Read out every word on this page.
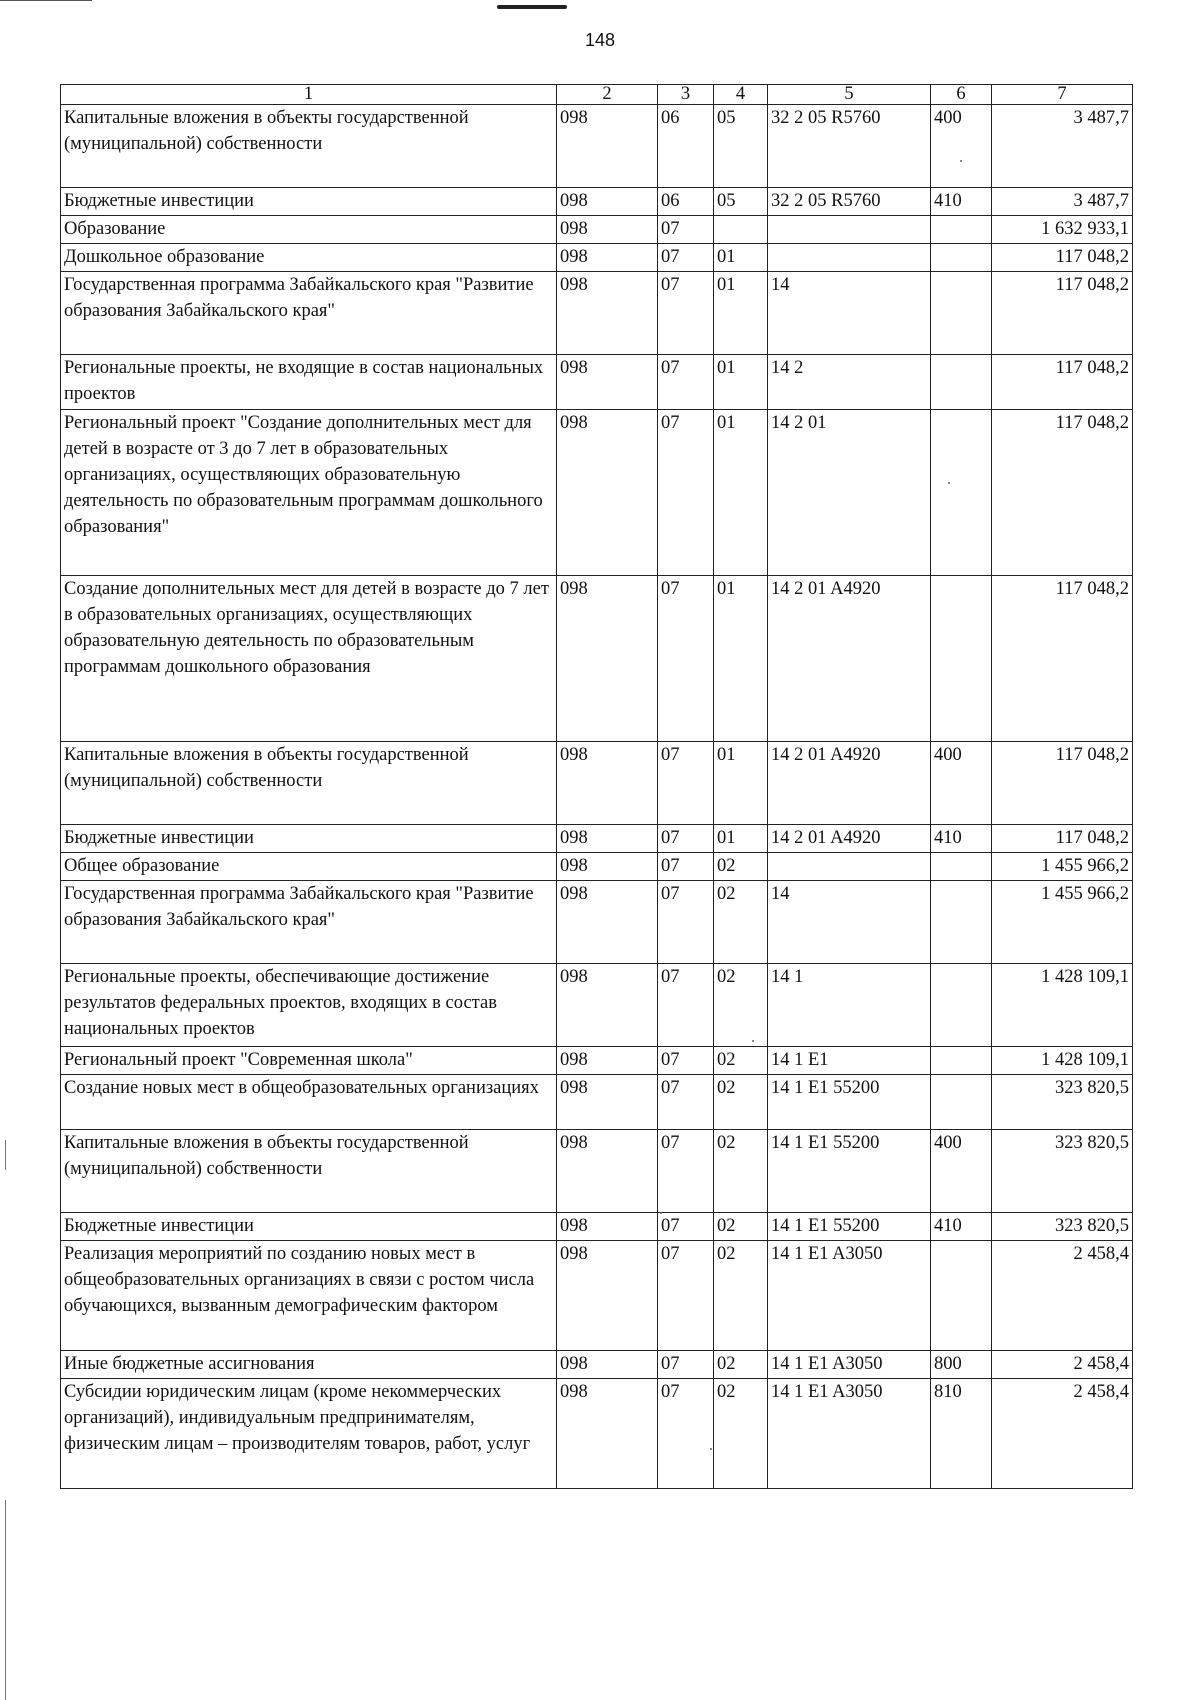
148
1	2	3	4	5	6	7
Капитальные вложения в объекты государственной (муниципальной) собственности	098	06	05	32 2 05 R5760	400	3 487,7
Бюджетные инвестиции	098	06	05	32 2 05 R5760	410	3 487,7
Образование	098	07				1 632 933,1
Дошкольное образование	098	07	01			117 048,2
Государственная программа Забайкальского края "Развитие образования Забайкальского края"	098	07	01	14		117 048,2
Региональные проекты, не входящие в состав национальных проектов	098	07	01	14 2		117 048,2
Региональный проект "Создание дополнительных мест для детей в возрасте от 3 до 7 лет в образовательных организациях, осуществляющих образовательную деятельность по образовательным программам дошкольного образования"	098	07	01	14 2 01		117 048,2
Создание дополнительных мест для детей в возрасте до 7 лет в образовательных организациях, осуществляющих образовательную деятельность по образовательным программам дошкольного образования	098	07	01	14 2 01 A4920		117 048,2
Капитальные вложения в объекты государственной (муниципальной) собственности	098	07	01	14 2 01 A4920	400	117 048,2
Бюджетные инвестиции	098	07	01	14 2 01 A4920	410	117 048,2
Общее образование	098	07	02			1 455 966,2
Государственная программа Забайкальского края "Развитие образования Забайкальского края"	098	07	02	14		1 455 966,2
Региональные проекты, обеспечивающие достижение результатов федеральных проектов, входящих в состав национальных проектов	098	07	02	14 1		1 428 109,1
Региональный проект "Современная школа"	098	07	02	14 1 E1		1 428 109,1
Создание новых мест в общеобразовательных организациях	098	07	02	14 1 E1 55200		323 820,5
Капитальные вложения в объекты государственной (муниципальной) собственности	098	07	02	14 1 E1 55200	400	323 820,5
Бюджетные инвестиции	098	07	02	14 1 E1 55200	410	323 820,5
Реализация мероприятий по созданию новых мест в общеобразовательных организациях в связи с ростом числа обучающихся, вызванным демографическим фактором	098	07	02	14 1 E1 A3050		2 458,4
Иные бюджетные ассигнования	098	07	02	14 1 E1 A3050	800	2 458,4
Субсидии юридическим лицам (кроме некоммерческих организаций), индивидуальным предпринимателям, физическим лицам – производителям товаров, работ, услуг	098	07	02	14 1 E1 A3050	810	2 458,4
